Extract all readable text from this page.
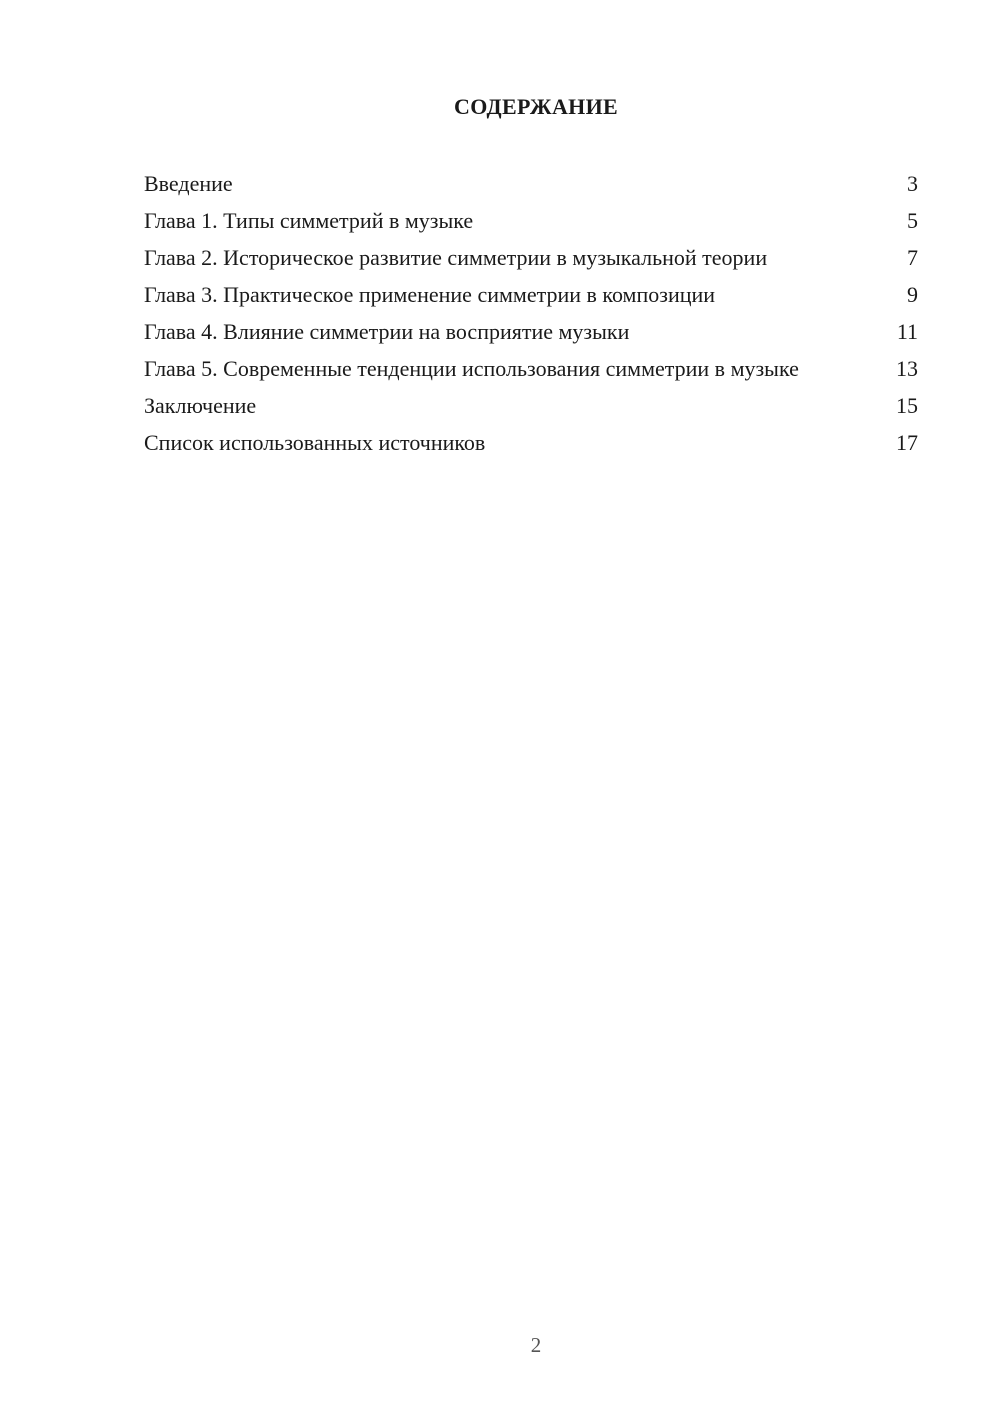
СОДЕРЖАНИЕ
Введение	3
Глава 1. Типы симметрий в музыке	5
Глава 2. Историческое развитие симметрии в музыкальной теории	7
Глава 3. Практическое применение симметрии в композиции	9
Глава 4. Влияние симметрии на восприятие музыки	11
Глава 5. Современные тенденции использования симметрии в музыке	13
Заключение	15
Список использованных источников	17
2
